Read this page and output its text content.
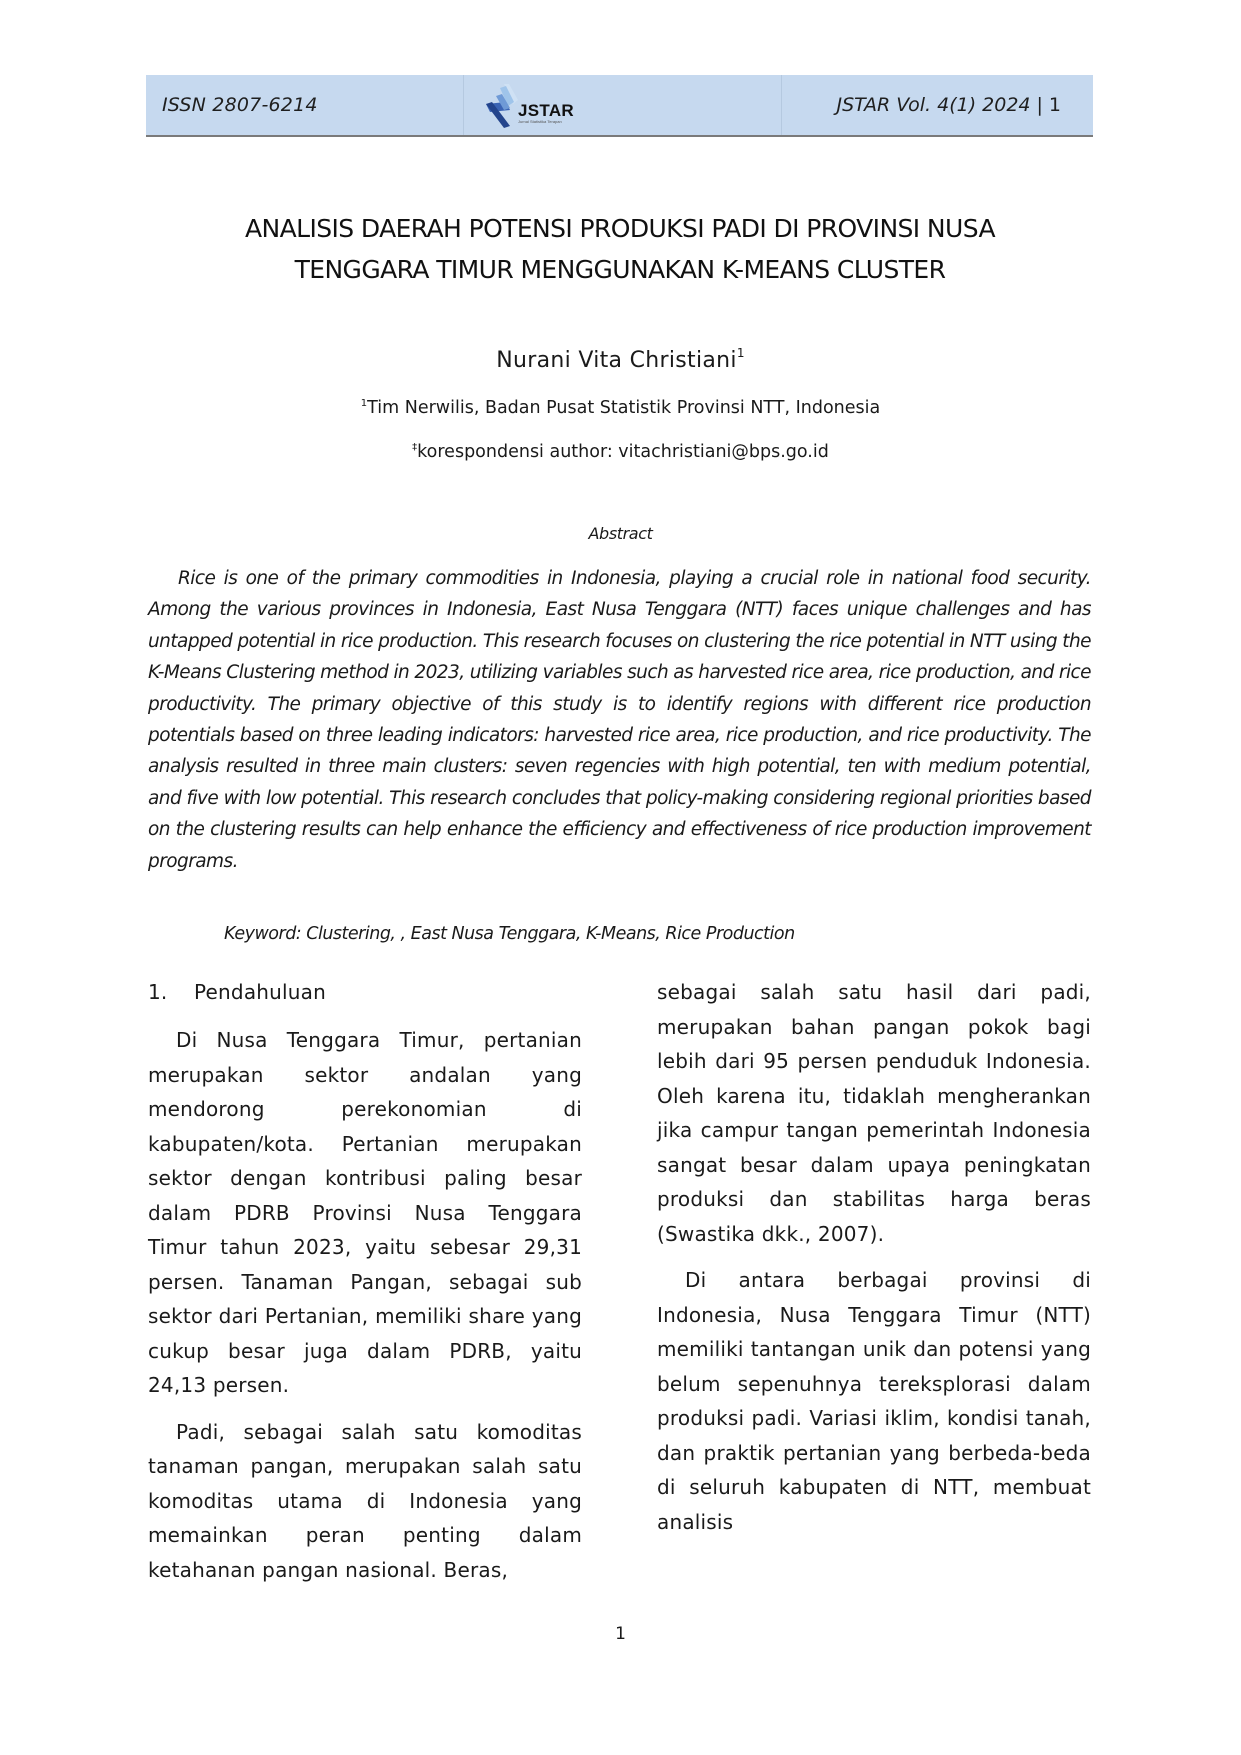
ISSN 2807-6214	JSTAR
Jurnal Statistika Terapan
JSTAR Vol. 4(1) 2024 | 1
ANALISIS DAERAH POTENSI PRODUKSI PADI DI PROVINSI NUSA
TENGGARA TIMUR MENGGUNAKAN K-MEANS CLUSTER
Nurani Vita Christiani$^1$
$^1$Tim Nerwilis, Badan Pusat Statistik Provinsi NTT, Indonesia
‡korespondensi author: vitachristiani@bps.go.id
Abstract

Rice is one of the primary commodities in Indonesia, playing a crucial role in national food security. Among the various provinces in Indonesia, East Nusa Tenggara (NTT) faces unique challenges and has untapped potential in rice production. This research focuses on clustering the rice potential in NTT using the K-Means Clustering method in 2023, utilizing variables such as harvested rice area, rice production, and rice productivity. The primary objective of this study is to identify regions with different rice production potentials based on three leading indicators: harvested rice area, rice production, and rice productivity. The analysis resulted in three main clusters: seven regencies with high potential, ten with medium potential, and five with low potential. This research concludes that policy-making considering regional priorities based on the clustering results can help enhance the efficiency and effectiveness of rice production improvement programs.

Keyword: Clustering, , East Nusa Tenggara, K-Means, Rice Production
1.	Pendahuluan

Di Nusa Tenggara Timur, pertanian merupakan sektor andalan yang mendorong perekonomian di kabupaten/kota. Pertanian merupakan sektor dengan kontribusi paling besar dalam PDRB Provinsi Nusa Tenggara Timur tahun 2023, yaitu sebesar 29,31 persen. Tanaman Pangan, sebagai sub sektor dari Pertanian, memiliki share yang cukup besar juga dalam PDRB, yaitu 24,13 persen.

Padi, sebagai salah satu komoditas tanaman pangan, merupakan salah satu komoditas utama di Indonesia yang memainkan peran penting dalam ketahanan pangan nasional. Beras,

sebagai salah satu hasil dari padi, merupakan bahan pangan pokok bagi lebih dari 95 persen penduduk Indonesia. Oleh karena itu, tidaklah mengherankan jika campur tangan pemerintah Indonesia sangat besar dalam upaya peningkatan produksi dan stabilitas harga beras (Swastika dkk., 2007).

Di antara berbagai provinsi di Indonesia, Nusa Tenggara Timur (NTT) memiliki tantangan unik dan potensi yang belum sepenuhnya tereksplorasi dalam produksi padi. Variasi iklim, kondisi tanah, dan praktik pertanian yang berbeda-beda di seluruh kabupaten di NTT, membuat analisis

1
